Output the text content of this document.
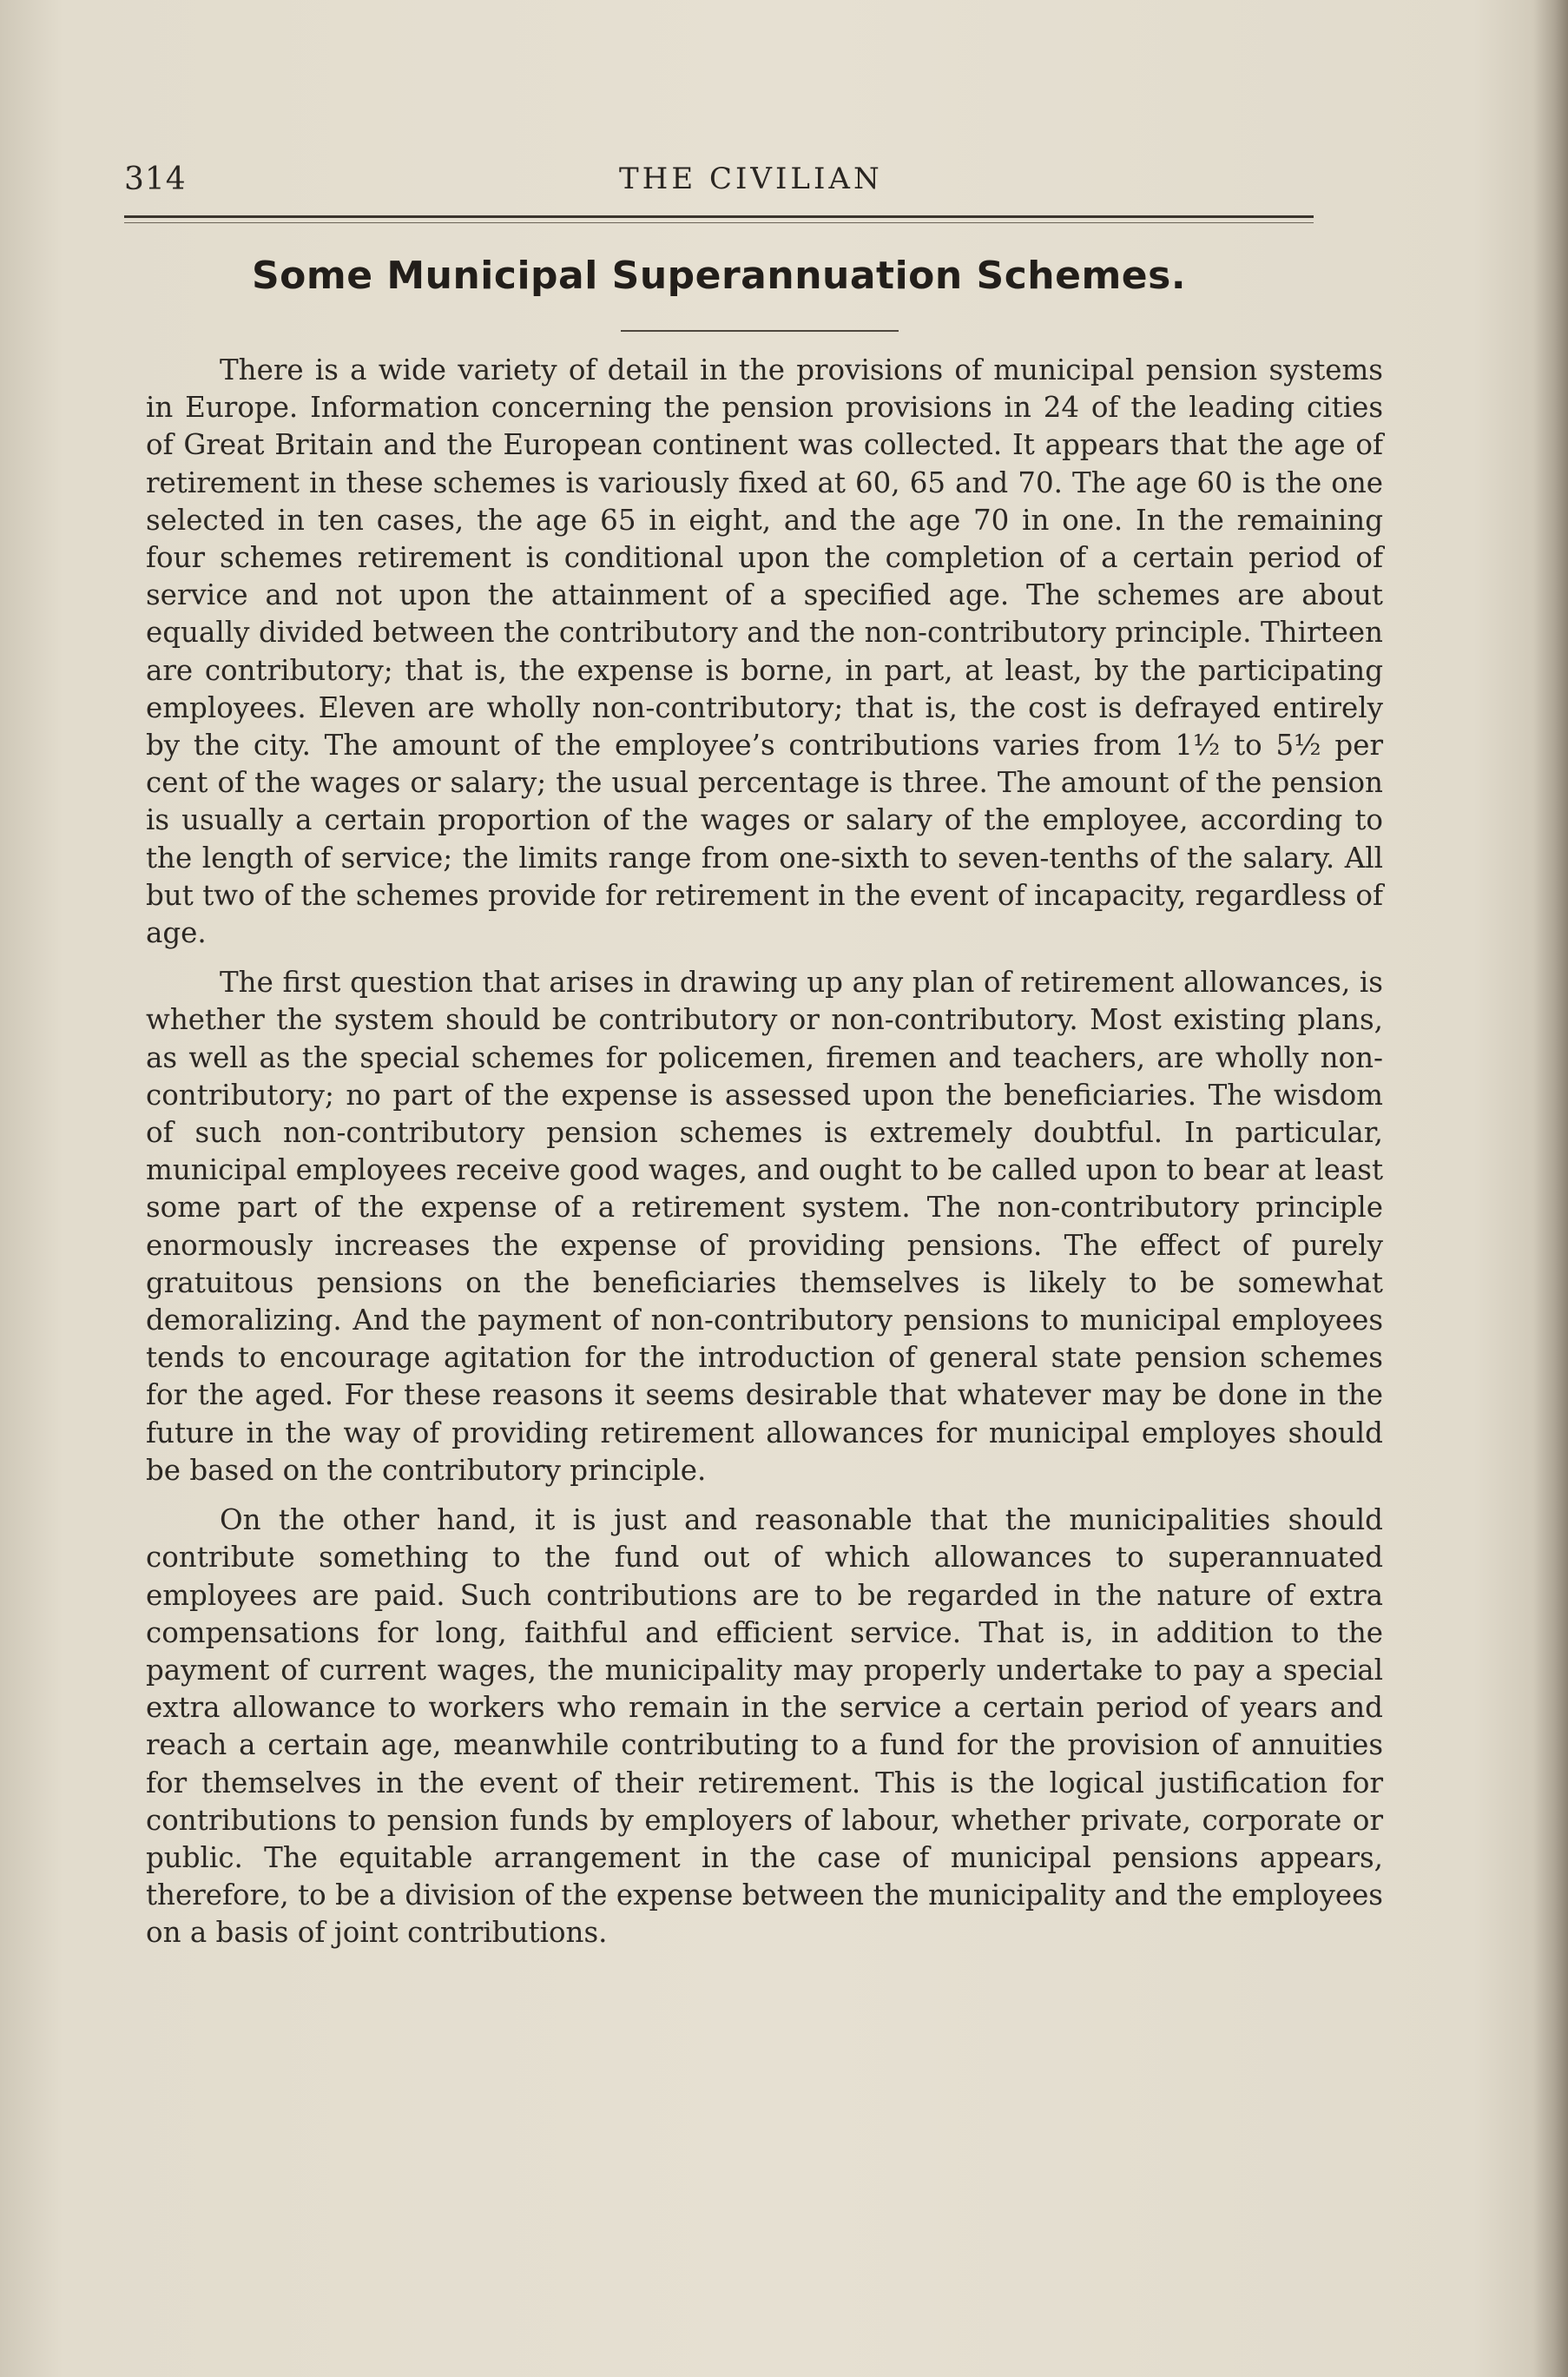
314	THE CIVILIAN
Some Municipal Superannuation Schemes.

There is a wide variety of detail in the provisions of municipal pension systems in Europe. Information concerning the pension provisions in 24 of the leading cities of Great Britain and the European continent was collected. It appears that the age of retirement in these schemes is variously fixed at 60, 65 and 70. The age 60 is the one selected in ten cases, the age 65 in eight, and the age 70 in one. In the remaining four schemes retirement is conditional upon the completion of a certain period of service and not upon the attainment of a specified age. The schemes are about equally divided between the contributory and the non-contributory principle. Thirteen are contributory; that is, the expense is borne, in part, at least, by the participating employees. Eleven are wholly non-contributory; that is, the cost is defrayed entirely by the city. The amount of the employee’s contributions varies from 1½ to 5½ per cent of the wages or salary; the usual percentage is three. The amount of the pension is usually a certain proportion of the wages or salary of the employee, according to the length of service; the limits range from one-sixth to seven-tenths of the salary. All but two of the schemes provide for retirement in the event of incapacity, regardless of age.

The first question that arises in drawing up any plan of retirement allowances, is whether the system should be contributory or non-contributory. Most existing plans, as well as the special schemes for policemen, firemen and teachers, are wholly non-contributory; no part of the expense is assessed upon the beneficiaries. The wisdom of such non-contributory pension schemes is extremely doubtful. In particular, municipal employees receive good wages, and ought to be called upon to bear at least some part of the expense of a retirement system. The non-contributory principle enormously increases the expense of providing pensions. The effect of purely gratuitous pensions on the beneficiaries themselves is likely to be somewhat demoralizing. And the payment of non-contributory pensions to municipal employees tends to encourage agitation for the introduction of general state pension schemes for the aged. For these reasons it seems desirable that whatever may be done in the future in the way of providing retirement allowances for municipal employes should be based on the contributory principle.

On the other hand, it is just and reasonable that the municipalities should contribute something to the fund out of which allowances to superannuated employees are paid. Such contributions are to be regarded in the nature of extra compensations for long, faithful and efficient service. That is, in addition to the payment of current wages, the municipality may properly undertake to pay a special extra allowance to workers who remain in the service a certain period of years and reach a certain age, meanwhile contributing to a fund for the provision of annuities for themselves in the event of their retirement. This is the logical justification for contributions to pension funds by employers of labour, whether private, corporate or public. The equitable arrangement in the case of municipal pensions appears, therefore, to be a division of the expense between the municipality and the employees on a basis of joint contributions.
